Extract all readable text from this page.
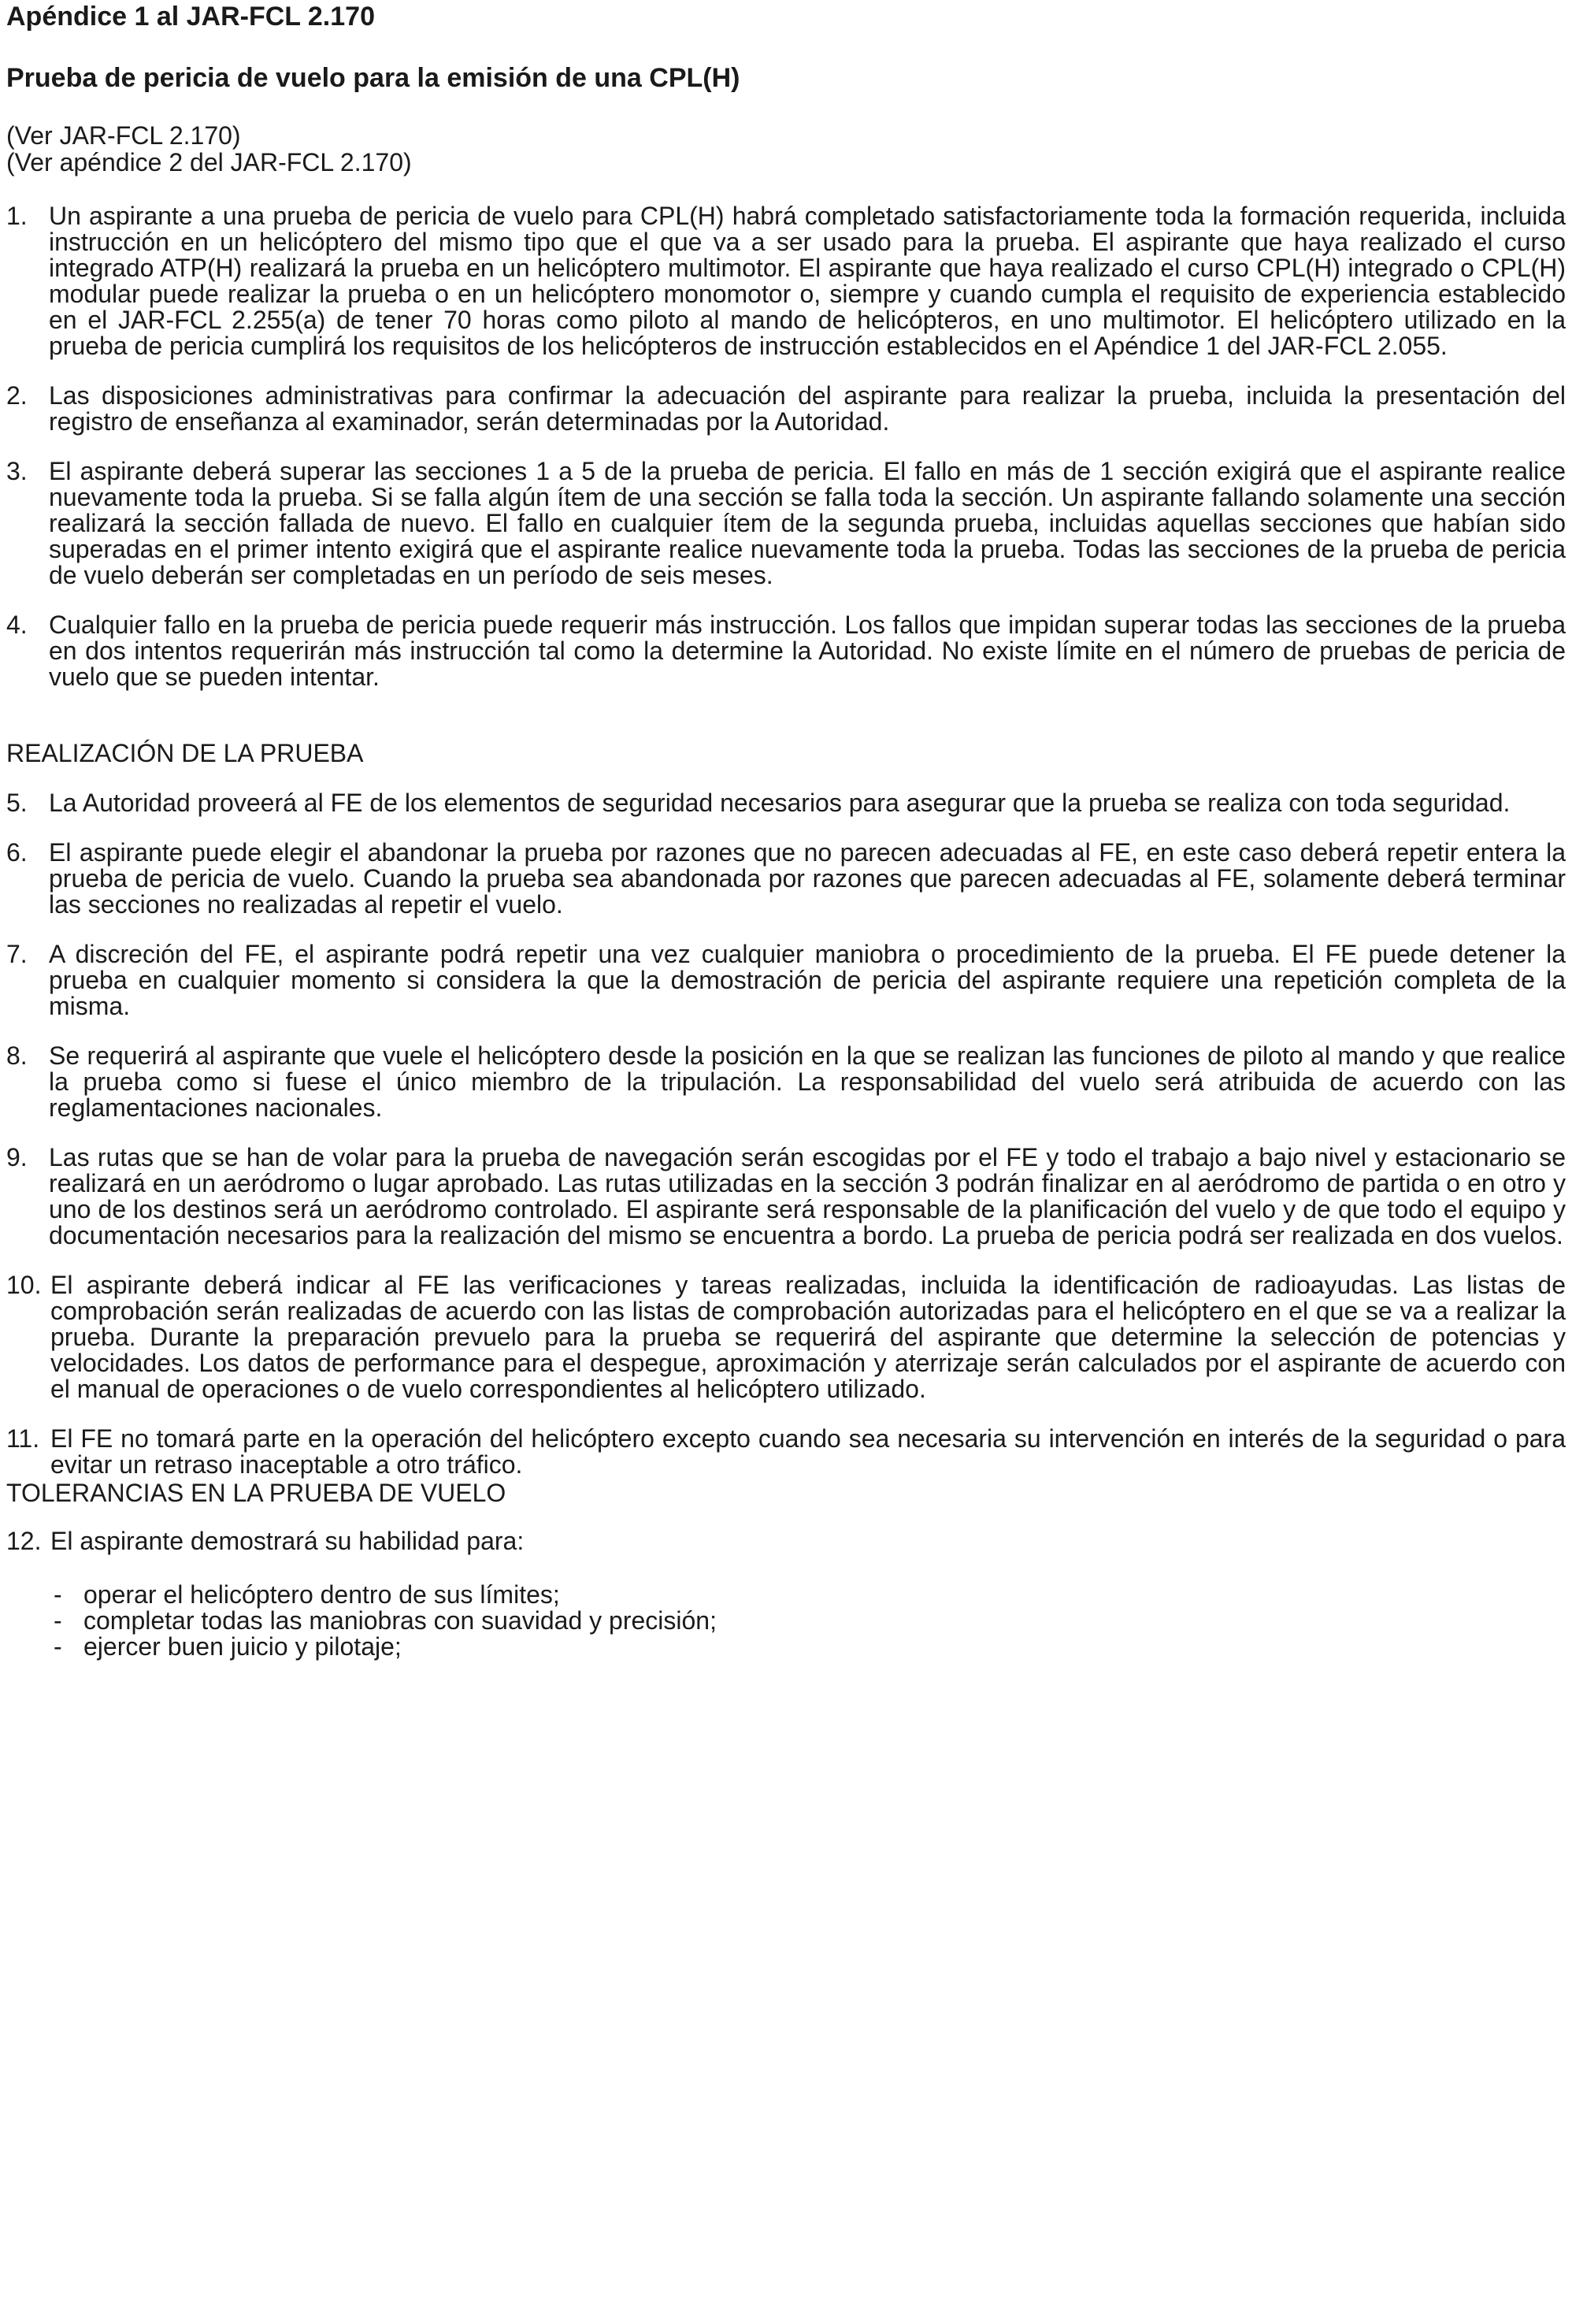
Apéndice 1 al JAR-FCL 2.170

Prueba de pericia de vuelo para la emisión de una CPL(H)

(Ver JAR-FCL 2.170)
(Ver apéndice 2 del JAR-FCL 2.170)
1. Un aspirante a una prueba de pericia de vuelo para CPL(H) habrá completado satisfactoriamente toda la formación requerida, incluida instrucción en un helicóptero del mismo tipo que el que va a ser usado para la prueba. El aspirante que haya realizado el curso integrado ATP(H) realizará la prueba en un helicóptero multimotor. El aspirante que haya realizado el curso CPL(H) integrado o CPL(H) modular puede realizar la prueba o en un helicóptero monomotor o, siempre y cuando cumpla el requisito de experiencia establecido en el JAR-FCL 2.255(a) de tener 70 horas como piloto al mando de helicópteros, en uno multimotor. El helicóptero utilizado en la prueba de pericia cumplirá los requisitos de los helicópteros de instrucción establecidos en el Apéndice 1 del JAR-FCL 2.055.
2. Las disposiciones administrativas para confirmar la adecuación del aspirante para realizar la prueba, incluida la presentación del registro de enseñanza al examinador, serán determinadas por la Autoridad.
3. El aspirante deberá superar las secciones 1 a 5 de la prueba de pericia. El fallo en más de 1 sección exigirá que el aspirante realice nuevamente toda la prueba. Si se falla algún ítem de una sección se falla toda la sección. Un aspirante fallando solamente una sección realizará la sección fallada de nuevo. El fallo en cualquier ítem de la segunda prueba, incluidas aquellas secciones que habían sido superadas en el primer intento exigirá que el aspirante realice nuevamente toda la prueba. Todas las secciones de la prueba de pericia de vuelo deberán ser completadas en un período de seis meses.
4. Cualquier fallo en la prueba de pericia puede requerir más instrucción. Los fallos que impidan superar todas las secciones de la prueba en dos intentos requerirán más instrucción tal como la determine la Autoridad. No existe límite en el número de pruebas de pericia de vuelo que se pueden intentar.
REALIZACIÓN DE LA PRUEBA
5. La Autoridad proveerá al FE de los elementos de seguridad necesarios para asegurar que la prueba se realiza con toda seguridad.
6. El aspirante puede elegir el abandonar la prueba por razones que no parecen adecuadas al FE, en este caso deberá repetir entera la prueba de pericia de vuelo. Cuando la prueba sea abandonada por razones que parecen adecuadas al FE, solamente deberá terminar las secciones no realizadas al repetir el vuelo.
7. A discreción del FE, el aspirante podrá repetir una vez cualquier maniobra o procedimiento de la prueba. El FE puede detener la prueba en cualquier momento si considera la que la demostración de pericia del aspirante requiere una repetición completa de la misma.
8. Se requerirá al aspirante que vuele el helicóptero desde la posición en la que se realizan las funciones de piloto al mando y que realice la prueba como si fuese el único miembro de la tripulación. La responsabilidad del vuelo será atribuida de acuerdo con las reglamentaciones nacionales.
9. Las rutas que se han de volar para la prueba de navegación serán escogidas por el FE y todo el trabajo a bajo nivel y estacionario se realizará en un aeródromo o lugar aprobado. Las rutas utilizadas en la sección 3 podrán finalizar en al aeródromo de partida o en otro y uno de los destinos será un aeródromo controlado. El aspirante será responsable de la planificación del vuelo y de que todo el equipo y documentación necesarios para la realización del mismo se encuentra a bordo. La prueba de pericia podrá ser realizada en dos vuelos.
10. El aspirante deberá indicar al FE las verificaciones y tareas realizadas, incluida la identificación de radioayudas. Las listas de comprobación serán realizadas de acuerdo con las listas de comprobación autorizadas para el helicóptero en el que se va a realizar la prueba. Durante la preparación prevuelo para la prueba se requerirá del aspirante que determine la selección de potencias y velocidades. Los datos de performance para el despegue, aproximación y aterrizaje serán calculados por el aspirante de acuerdo con el manual de operaciones o de vuelo correspondientes al helicóptero utilizado.
11. El FE no tomará parte en la operación del helicóptero excepto cuando sea necesaria su intervención en interés de la seguridad o para evitar un retraso inaceptable a otro tráfico.
TOLERANCIAS EN LA PRUEBA DE VUELO
12. El aspirante demostrará su habilidad para:
- operar el helicóptero dentro de sus límites;
- completar todas las maniobras con suavidad y precisión;
- ejercer buen juicio y pilotaje;
